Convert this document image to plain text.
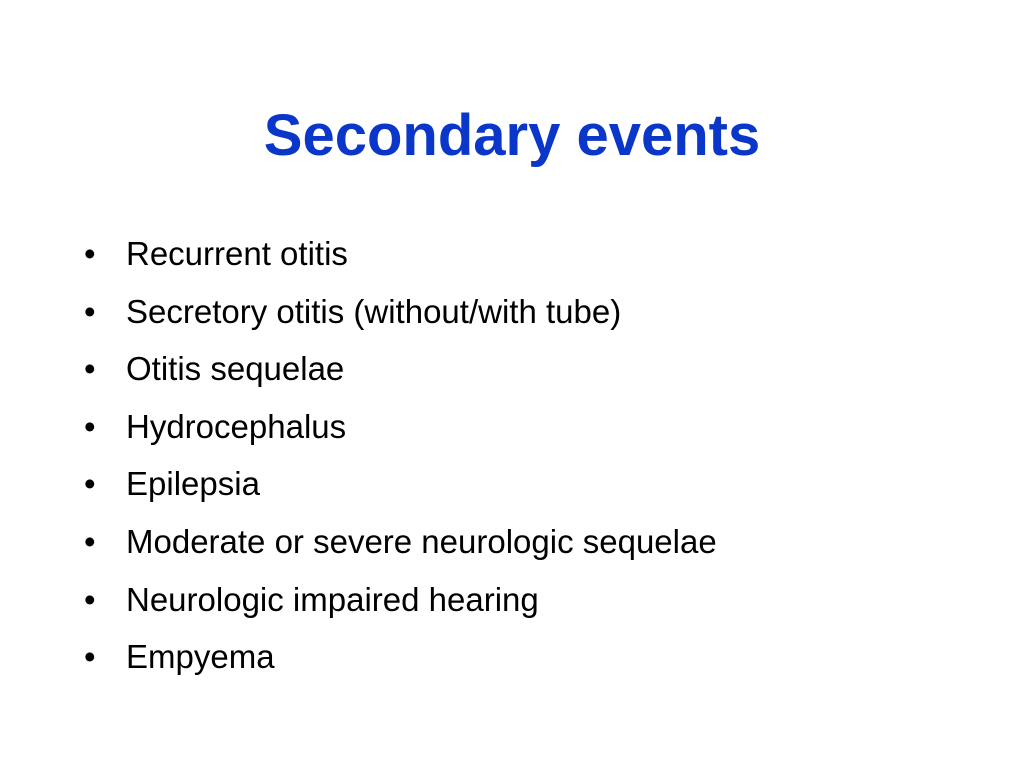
Secondary events
• Recurrent otitis
• Secretory otitis (without/with tube)
• Otitis sequelae
• Hydrocephalus
• Epilepsia
• Moderate or severe neurologic sequelae
• Neurologic impaired hearing
• Empyema
